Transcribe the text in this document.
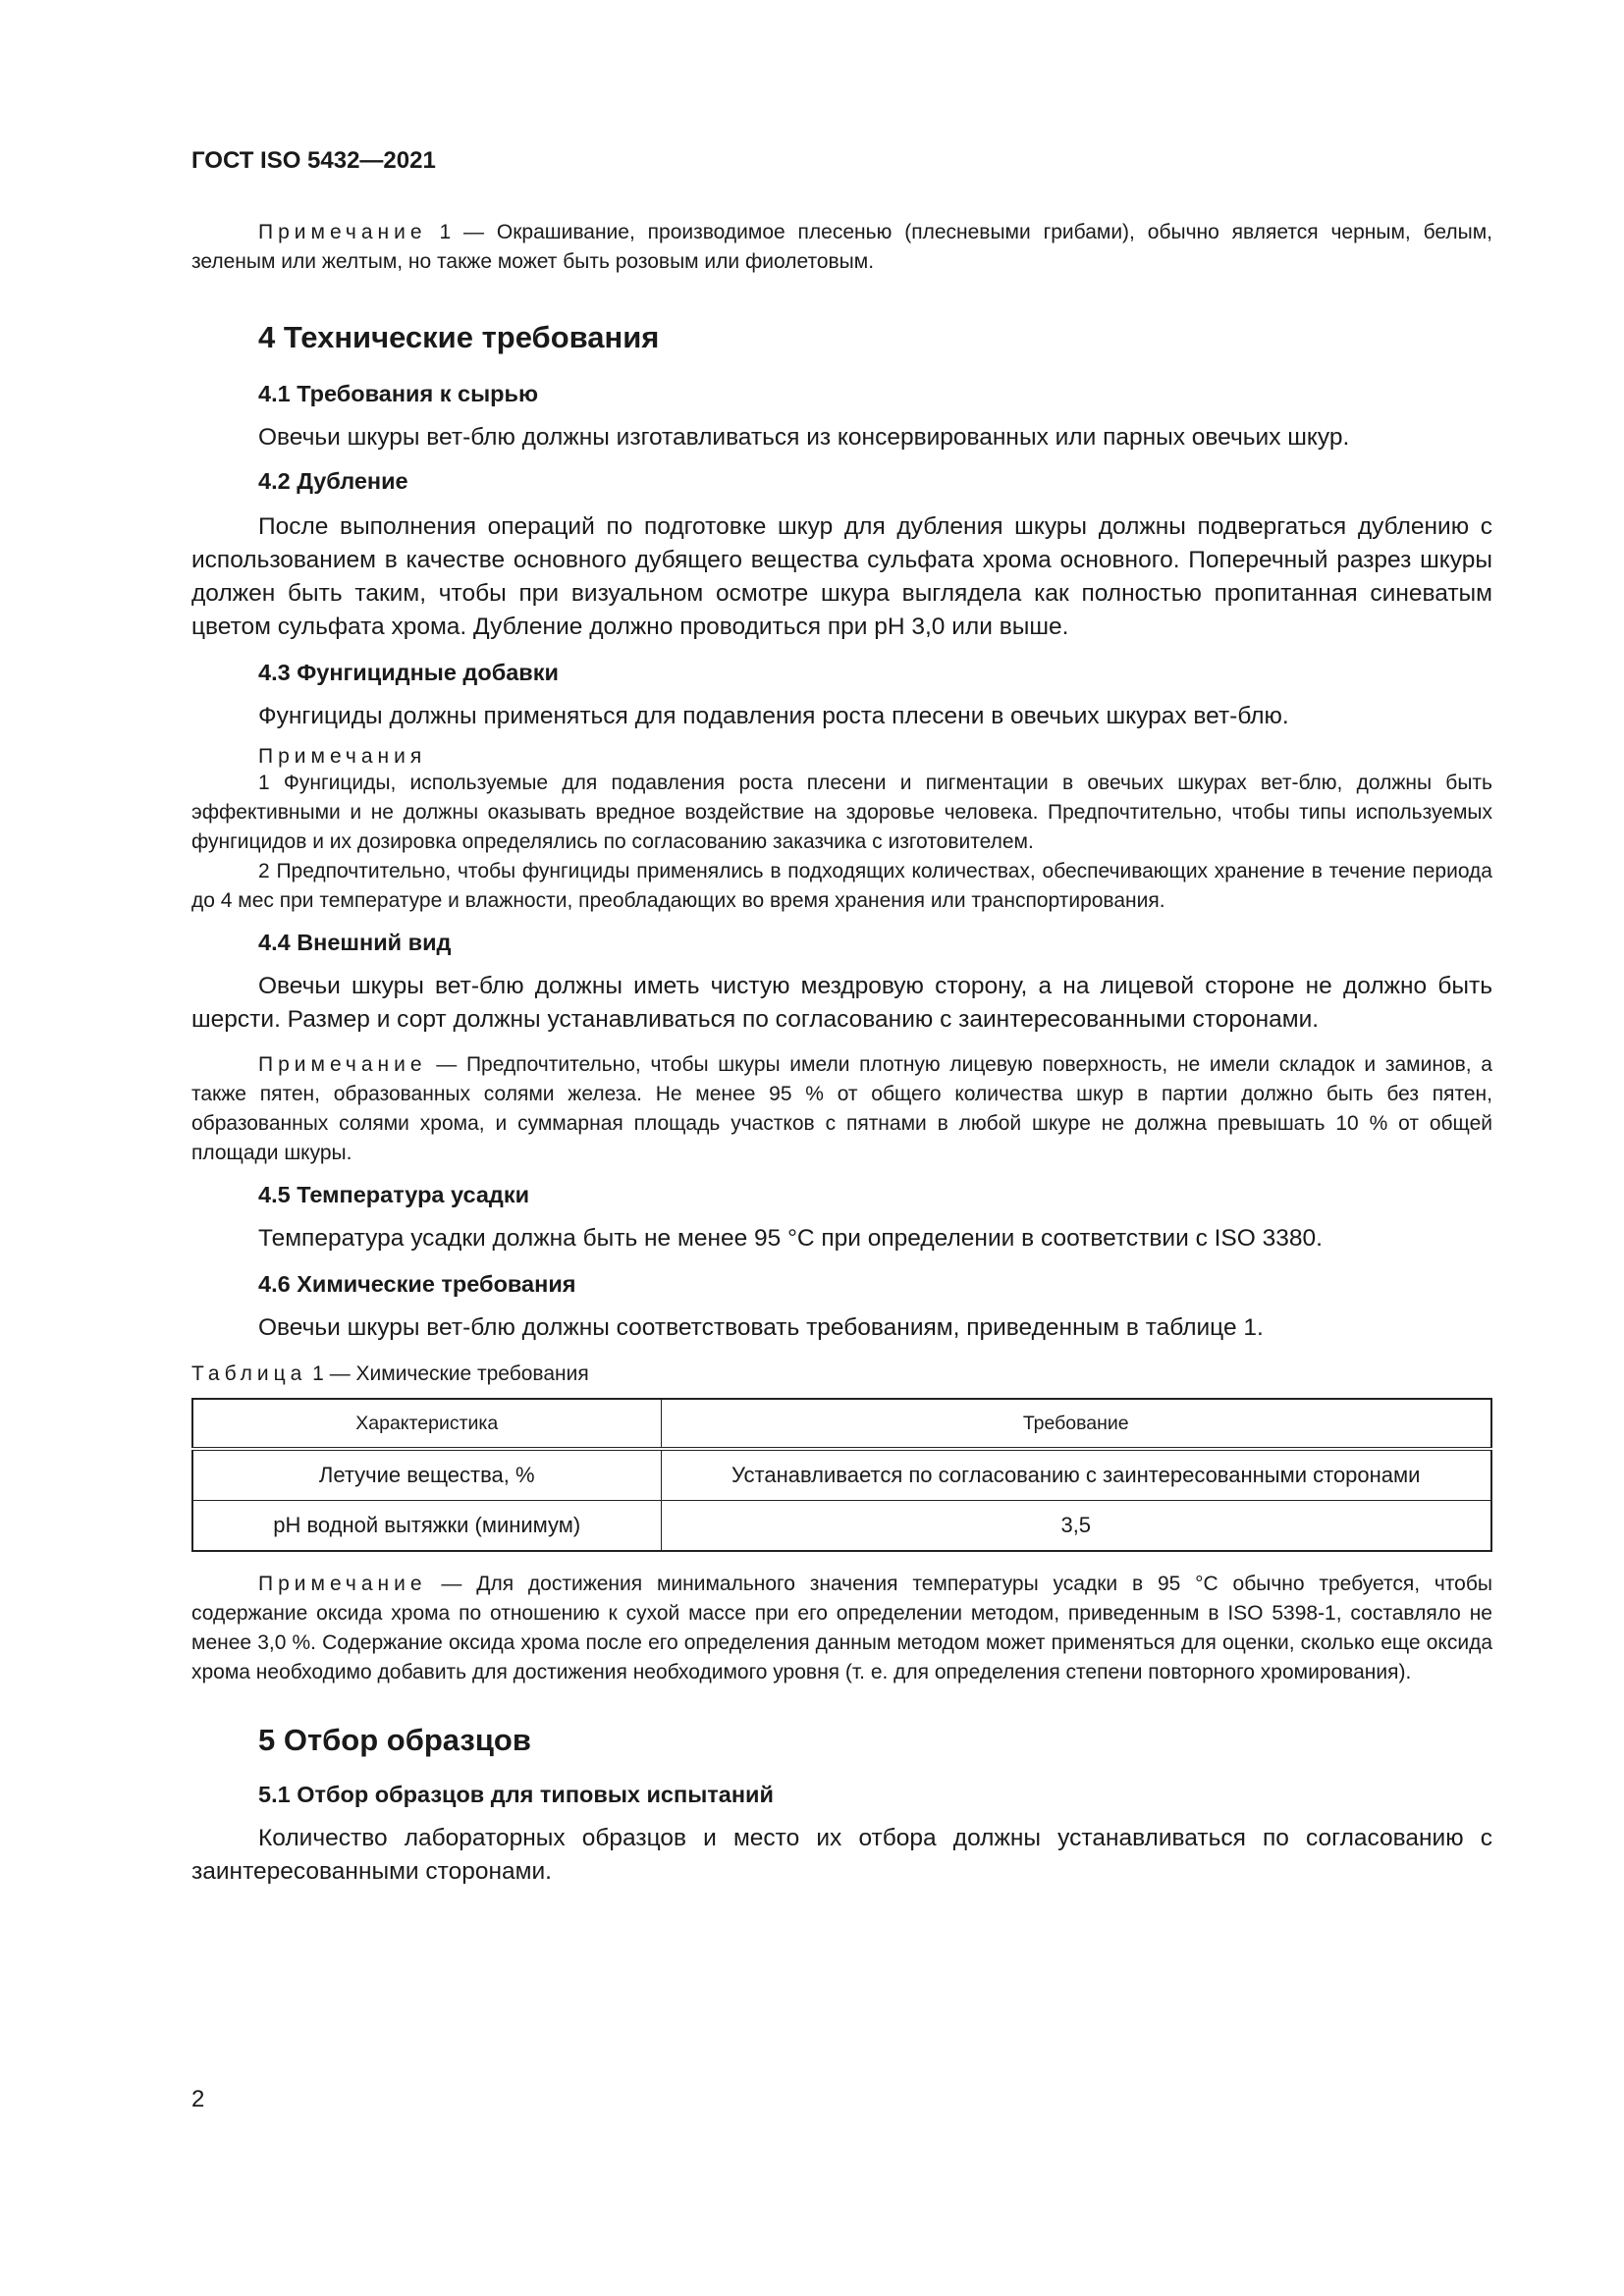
ГОСТ ISO 5432—2021

Примечание 1 — Окрашивание, производимое плесенью (плесневыми грибами), обычно является черным, белым, зеленым или желтым, но также может быть розовым или фиолетовым.

4 Технические требования
4.1 Требования к сырью

Овечьи шкуры вет-блю должны изготавливаться из консервированных или парных овечьих шкур.

4.2 Дубление

После выполнения операций по подготовке шкур для дубления шкуры должны подвергаться дублению с использованием в качестве основного дубящего вещества сульфата хрома основного. Поперечный разрез шкуры должен быть таким, чтобы при визуальном осмотре шкура выглядела как полностью пропитанная синеватым цветом сульфата хрома. Дубление должно проводиться при рН 3,0 или выше.

4.3 Фунгицидные добавки

Фунгициды должны применяться для подавления роста плесени в овечьих шкурах вет-блю.

Примечания

1 Фунгициды, используемые для подавления роста плесени и пигментации в овечьих шкурах вет-блю, должны быть эффективными и не должны оказывать вредное воздействие на здоровье человека. Предпочтительно, чтобы типы используемых фунгицидов и их дозировка определялись по согласованию заказчика с изготовителем.

2 Предпочтительно, чтобы фунгициды применялись в подходящих количествах, обеспечивающих хранение в течение периода до 4 мес при температуре и влажности, преобладающих во время хранения или транспортирования.

4.4 Внешний вид

Овечьи шкуры вет-блю должны иметь чистую мездровую сторону, а на лицевой стороне не должно быть шерсти. Размер и сорт должны устанавливаться по согласованию с заинтересованными сторонами.

Примечание — Предпочтительно, чтобы шкуры имели плотную лицевую поверхность, не имели складок и заминов, а также пятен, образованных солями железа. Не менее 95 % от общего количества шкур в партии должно быть без пятен, образованных солями хрома, и суммарная площадь участков с пятнами в любой шкуре не должна превышать 10 % от общей площади шкуры.

4.5 Температура усадки

Температура усадки должна быть не менее 95 °С при определении в соответствии с ISO 3380.

4.6 Химические требования

Овечьи шкуры вет-блю должны соответствовать требованиям, приведенным в таблице 1.

Таблица 1 — Химические требования

Характеристика	Требование
Летучие вещества, %	Устанавливается по согласованию с заинтересованными сторонами
рН водной вытяжки (минимум)	3,5

Примечание — Для достижения минимального значения температуры усадки в 95 °С обычно требуется, чтобы содержание оксида хрома по отношению к сухой массе при его определении методом, приведенным в ISO 5398-1, составляло не менее 3,0 %. Содержание оксида хрома после его определения данным методом может применяться для оценки, сколько еще оксида хрома необходимо добавить для достижения необходимого уровня (т. е. для определения степени повторного хромирования).

5 Отбор образцов
5.1 Отбор образцов для типовых испытаний

Количество лабораторных образцов и место их отбора должны устанавливаться по согласованию с заинтересованными сторонами.

2
